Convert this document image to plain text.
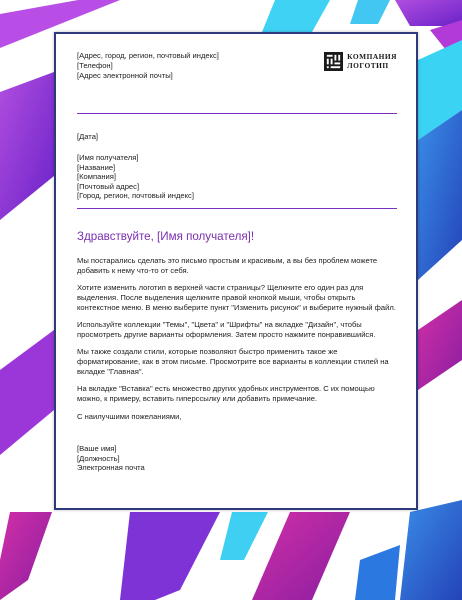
[Адрес, город, регион, почтовый индекс]
[Телефон]
[Адрес электронной почты]
КОМПАНИЯ
ЛОГОТИП
[Дата]
[Имя получателя]
[Название]
[Компания]
[Почтовый адрес]
[Город, регион, почтовый индекс]
Здравствуйте, [Имя получателя]!

Мы постарались сделать это письмо простым и красивым, а вы без проблем можете добавить к нему что-то от себя.

Хотите изменить логотип в верхней части страницы? Щелкните его один раз для выделения. После выделения щелкните правой кнопкой мыши, чтобы открыть контекстное меню. В меню выберите пункт "Изменить рисунок" и выберите нужный файл.

Используйте коллекции "Темы", "Цвета" и "Шрифты" на вкладке "Дизайн", чтобы просмотреть другие варианты оформления. Затем просто нажмите понравившийся.

Мы также создали стили, которые позволяют быстро применить такое же форматирование, как в этом письме. Просмотрите все варианты в коллекции стилей на вкладке "Главная".

На вкладке "Вставка" есть множество других удобных инструментов. С их помощью можно, к примеру, вставить гиперссылку или добавить примечание.

С наилучшими пожеланиями,

[Ваше имя]
[Должность]
Электронная почта
